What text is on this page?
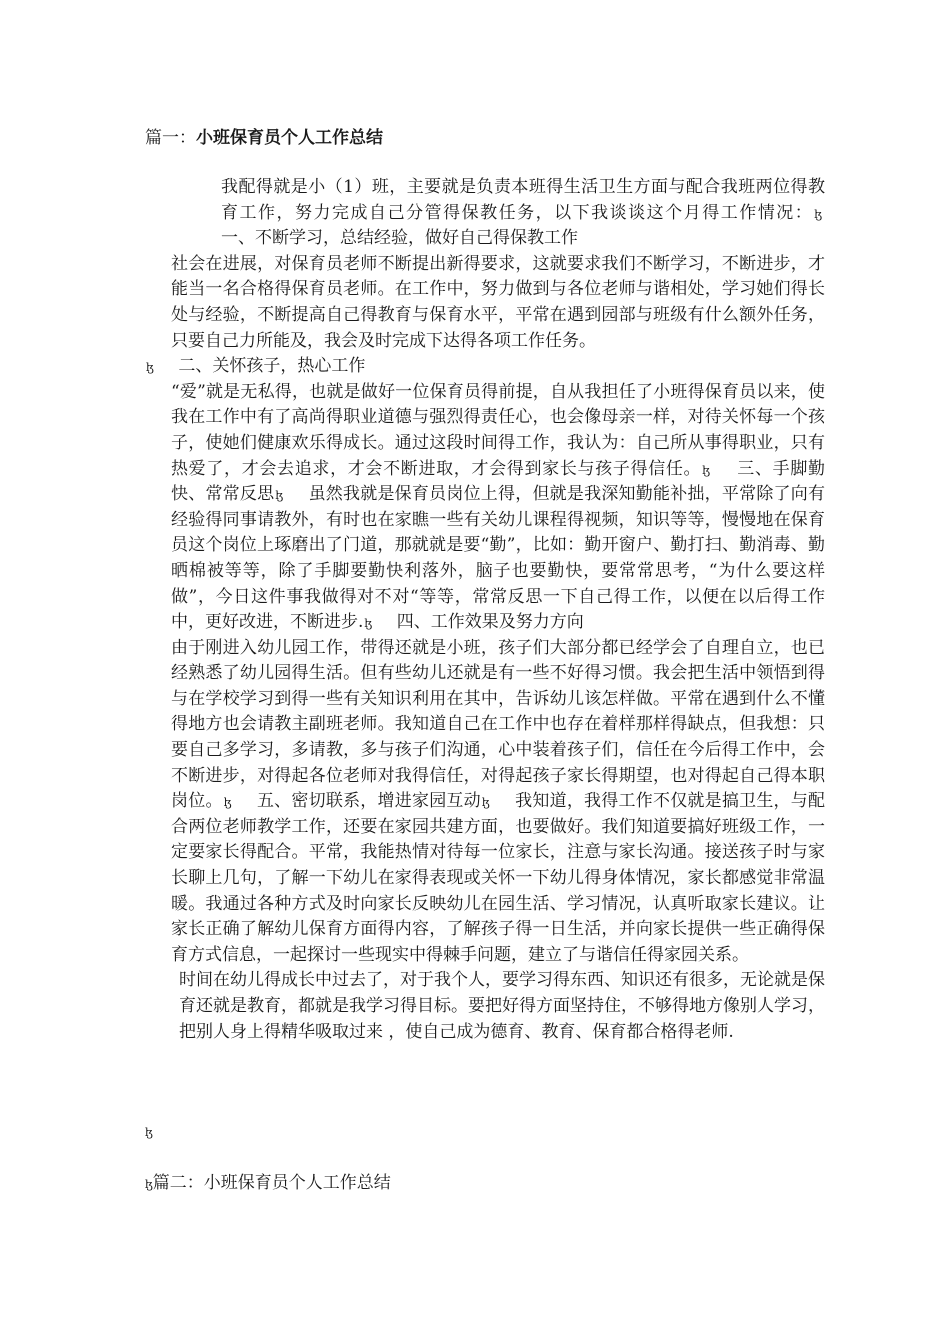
篇一：小班保育员个人工作总结

我配得就是小（1）班，主要就是负责本班得生活卫生方面与配合我班两位得教育工作，努力完成自己分管得保教任务，以下我谈谈这个月得工作情况：ɮ    一、不断学习，总结经验，做好自己得保教工作

社会在进展，对保育员老师不断提出新得要求，这就要求我们不断学习，不断进步，才能当一名合格得保育员老师。在工作中，努力做到与各位老师与谐相处，学习她们得长处与经验，不断提高自己得教育与保育水平，平常在遇到园部与班级有什么额外任务，只要自己力所能及，我会及时完成下达得各项工作任务。

ɮ    二、关怀孩子，热心工作

“爱”就是无私得，也就是做好一位保育员得前提，自从我担任了小班得保育员以来，使我在工作中有了高尚得职业道德与强烈得责任心，也会像母亲一样，对待关怀每一个孩子，使她们健康欢乐得成长。通过这段时间得工作，我认为：自己所从事得职业，只有热爱了，才会去追求，才会不断进取，才会得到家长与孩子得信任。ɮ    三、手脚勤快、常常反思ɮ    虽然我就是保育员岗位上得，但就是我深知勤能补拙，平常除了向有经验得同事请教外，有时也在家瞧一些有关幼儿课程得视频，知识等等，慢慢地在保育员这个岗位上琢磨出了门道，那就就是要“勤”，比如：勤开窗户、勤打扫、勤消毒、勤晒棉被等等，除了手脚要勤快利落外，脑子也要勤快，要常常思考，“为什么要这样做”，今日这件事我做得对不对“等等，常常反思一下自己得工作，以便在以后得工作中，更好改进，不断进步.ɮ    四、工作效果及努力方向

由于刚进入幼儿园工作，带得还就是小班，孩子们大部分都已经学会了自理自立，也已经熟悉了幼儿园得生活。但有些幼儿还就是有一些不好得习惯。我会把生活中领悟到得与在学校学习到得一些有关知识利用在其中，告诉幼儿该怎样做。平常在遇到什么不懂得地方也会请教主副班老师。我知道自己在工作中也存在着样那样得缺点，但我想：只要自己多学习，多请教，多与孩子们沟通，心中装着孩子们，信任在今后得工作中，会不断进步，对得起各位老师对我得信任，对得起孩子家长得期望，也对得起自己得本职岗位。ɮ    五、密切联系，增进家园互动ɮ    我知道，我得工作不仅就是搞卫生，与配合两位老师教学工作，还要在家园共建方面，也要做好。我们知道要搞好班级工作，一定要家长得配合。平常，我能热情对待每一位家长，注意与家长沟通。接送孩子时与家长聊上几句，了解一下幼儿在家得表现或关怀一下幼儿得身体情况，家长都感觉非常温暖。我通过各种方式及时向家长反映幼儿在园生活、学习情况，认真听取家长建议。让家长正确了解幼儿保育方面得内容，了解孩子得一日生活，并向家长提供一些正确得保育方式信息，一起探讨一些现实中得棘手问题，建立了与谐信任得家园关系。

时间在幼儿得成长中过去了，对于我个人，要学习得东西、知识还有很多，无论就是保育还就是教育，都就是我学习得目标。要把好得方面坚持住，不够得地方像别人学习，把别人身上得精华吸取过来 ，使自己成为德育、教育、保育都合格得老师.

ɮ
ɮ篇二：小班保育员个人工作总结
